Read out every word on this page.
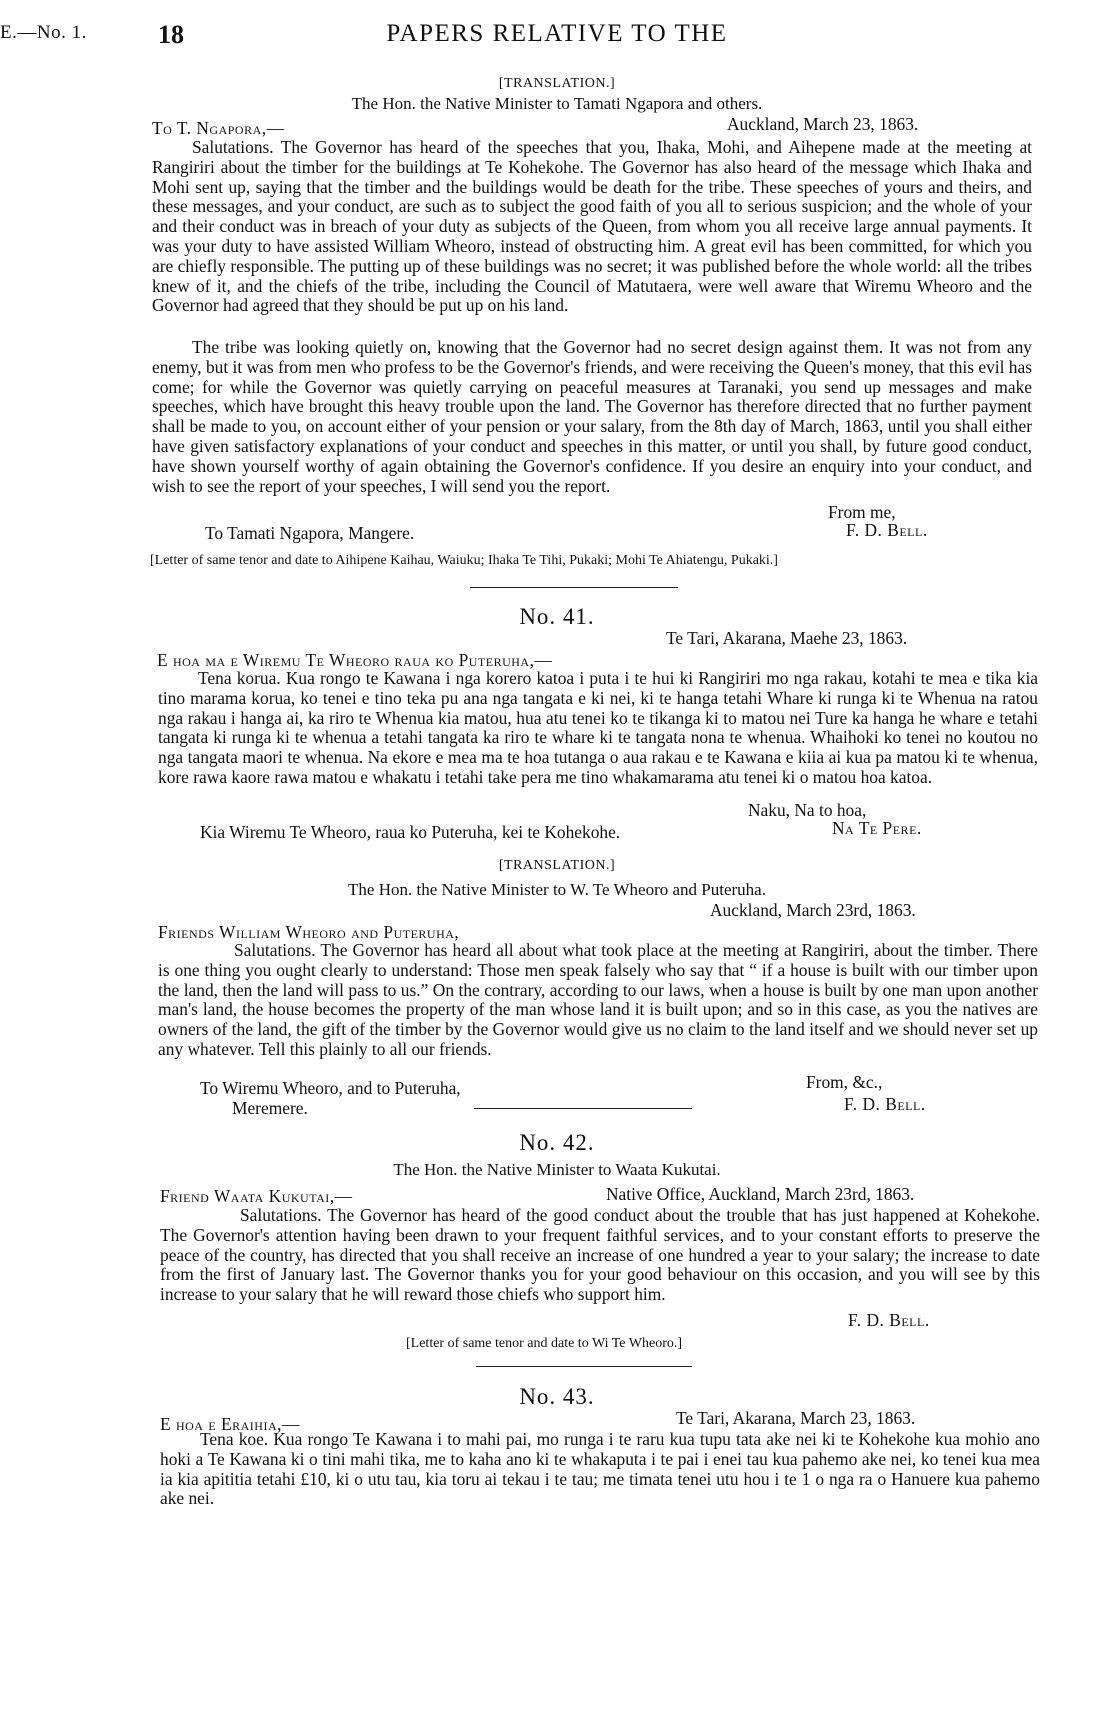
E.—No. 1.	18	PAPERS RELATIVE TO THE
[TRANSLATION.]
The Hon. the Native Minister to Tamati Ngapora and others.
Auckland, March 23, 1863.
To T. Ngapora,—

Salutations. The Governor has heard of the speeches that you, Ihaka, Mohi, and Aihepene made at the meeting at Rangiriri about the timber for the buildings at Te Kohekohe. The Governor has also heard of the message which Ihaka and Mohi sent up, saying that the timber and the buildings would be death for the tribe. These speeches of yours and theirs, and these messages, and your conduct, are such as to subject the good faith of you all to serious suspicion; and the whole of your and their conduct was in breach of your duty as subjects of the Queen, from whom you all receive large annual payments. It was your duty to have assisted William Wheoro, instead of obstructing him. A great evil has been committed, for which you are chiefly responsible. The putting up of these buildings was no secret; it was published before the whole world: all the tribes knew of it, and the chiefs of the tribe, including the Council of Matutaera, were well aware that Wiremu Wheoro and the Governor had agreed that they should be put up on his land.

The tribe was looking quietly on, knowing that the Governor had no secret design against them. It was not from any enemy, but it was from men who profess to be the Governor's friends, and were receiving the Queen's money, that this evil has come; for while the Governor was quietly carrying on peaceful measures at Taranaki, you send up messages and make speeches, which have brought this heavy trouble upon the land. The Governor has therefore directed that no further payment shall be made to you, on account either of your pension or your salary, from the 8th day of March, 1863, until you shall either have given satisfactory explanations of your conduct and speeches in this matter, or until you shall, by future good conduct, have shown yourself worthy of again obtaining the Governor's confidence. If you desire an enquiry into your conduct, and wish to see the report of your speeches, I will send you the report.

From me,
To Tamati Ngapora, Mangere.	F. D. Bell.
[Letter of same tenor and date to Aihipene Kaihau, Waiuku; Ihaka Te Tihi, Pukaki; Mohi Te Ahiatengu, Pukaki.]
No. 41.
Te Tari, Akarana, Maehe 23, 1863.
E hoa ma e Wiremu Te Wheoro raua ko Puteruha,—

Tena korua. Kua rongo te Kawana i nga korero katoa i puta i te hui ki Rangiriri mo nga rakau, kotahi te mea e tika kia tino marama korua, ko tenei e tino teka pu ana nga tangata e ki nei, ki te hanga tetahi Whare ki runga ki te Whenua na ratou nga rakau i hanga ai, ka riro te Whenua kia matou, hua atu tenei ko te tikanga ki to matou nei Ture ka hanga he whare e tetahi tangata ki runga ki te whenua a tetahi tangata ka riro te whare ki te tangata nona te whenua. Whaihoki ko tenei no koutou no nga tangata maori te whenua. Na ekore e mea ma te hoa tutanga o aua rakau e te Kawana e kiia ai kua pa matou ki te whenua, kore rawa kaore rawa matou e whakatu i tetahi take pera me tino whakamarama atu tenei ki o matou hoa katoa.

Naku, Na to hoa,
Kia Wiremu Te Wheoro, raua ko Puteruha, kei te Kohekohe.	Na Te Pere.
[TRANSLATION.]
The Hon. the Native Minister to W. Te Wheoro and Puteruha.
Auckland, March 23rd, 1863.
Friends William Wheoro and Puteruha,

Salutations. The Governor has heard all about what took place at the meeting at Rangiriri, about the timber. There is one thing you ought clearly to understand: Those men speak falsely who say that “ if a house is built with our timber upon the land, then the land will pass to us.” On the contrary, according to our laws, when a house is built by one man upon another man's land, the house becomes the property of the man whose land it is built upon; and so in this case, as you the natives are owners of the land, the gift of the timber by the Governor would give us no claim to the land itself and we should never set up any whatever. Tell this plainly to all our friends.

To Wiremu Wheoro, and to Puteruha,	From, &c.,
Meremere.	F. D. Bell.
No. 42.
The Hon. the Native Minister to Waata Kukutai.
Friend Waata Kukutai,—	Native Office, Auckland, March 23rd, 1863.

Salutations. The Governor has heard of the good conduct about the trouble that has just happened at Kohekohe. The Governor's attention having been drawn to your frequent faithful services, and to your constant efforts to preserve the peace of the country, has directed that you shall receive an increase of one hundred a year to your salary; the increase to date from the first of January last. The Governor thanks you for your good behaviour on this occasion, and you will see by this increase to your salary that he will reward those chiefs who support him.

F. D. Bell.
[Letter of same tenor and date to Wi Te Wheoro.]
No. 43.
E hoa e Eraihia,—	Te Tari, Akarana, March 23, 1863.

Tena koe. Kua rongo Te Kawana i to mahi pai, mo runga i te raru kua tupu tata ake nei ki te Kohekohe kua mohio ano hoki a Te Kawana ki o tini mahi tika, me to kaha ano ki te whakaputa i te pai i enei tau kua pahemo ake nei, ko tenei kua mea ia kia apititia tetahi £10, ki o utu tau, kia toru ai tekau i te tau; me timata tenei utu hou i te 1 o nga ra o Hanuere kua pahemo ake nei.
